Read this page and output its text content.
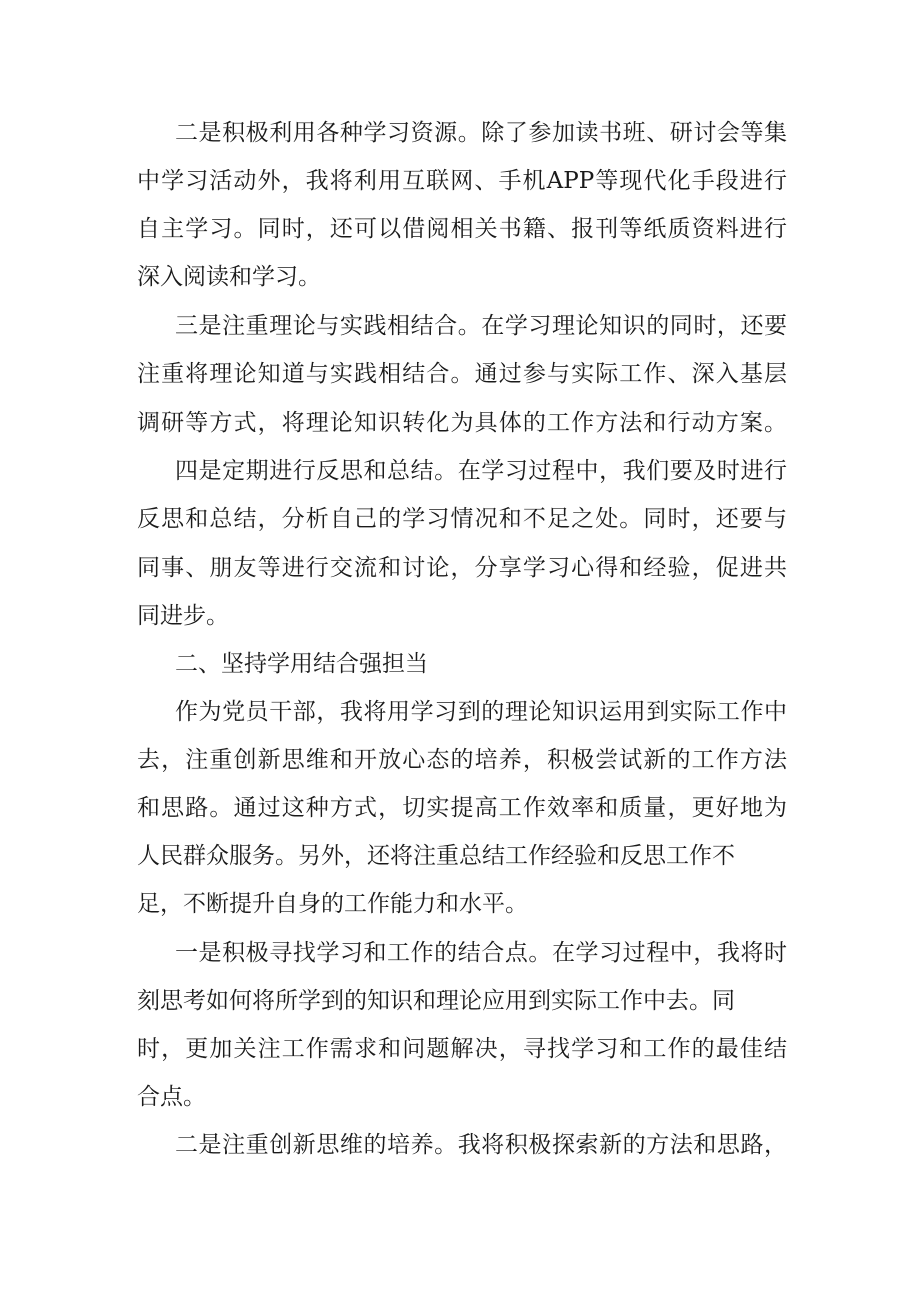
二是积极利用各种学习资源。除了参加读书班、研讨会等集
中学习活动外，我将利用互联网、手机APP等现代化手段进行
自主学习。同时，还可以借阅相关书籍、报刊等纸质资料进行
深入阅读和学习。
三是注重理论与实践相结合。在学习理论知识的同时，还要
注重将理论知道与实践相结合。通过参与实际工作、深入基层
调研等方式，将理论知识转化为具体的工作方法和行动方案。
四是定期进行反思和总结。在学习过程中，我们要及时进行
反思和总结，分析自己的学习情况和不足之处。同时，还要与
同事、朋友等进行交流和讨论，分享学习心得和经验，促进共
同进步。
二、坚持学用结合强担当
作为党员干部，我将用学习到的理论知识运用到实际工作中
去，注重创新思维和开放心态的培养，积极尝试新的工作方法
和思路。通过这种方式，切实提高工作效率和质量，更好地为
人民群众服务。另外，还将注重总结工作经验和反思工作不
足，不断提升自身的工作能力和水平。
一是积极寻找学习和工作的结合点。在学习过程中，我将时
刻思考如何将所学到的知识和理论应用到实际工作中去。同
时，更加关注工作需求和问题解决，寻找学习和工作的最佳结
合点。
二是注重创新思维的培养。我将积极探索新的方法和思路，
